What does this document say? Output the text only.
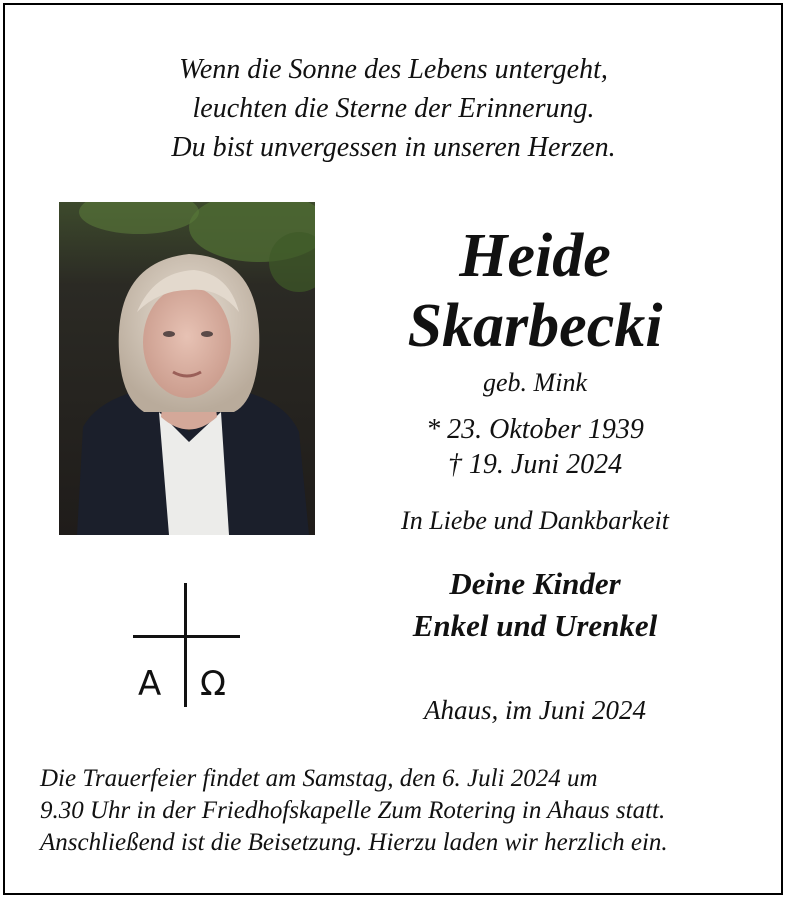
Wenn die Sonne des Lebens untergeht,
leuchten die Sterne der Erinnerung.
Du bist unvergessen in unseren Herzen.
Heide
Skarbecki
geb. Mink
* 23. Oktober 1939
† 19. Juni 2024
In Liebe und Dankbarkeit
Deine Kinder
Enkel und Urenkel
A Ω
Ahaus, im Juni 2024
Die Trauerfeier findet am Samstag, den 6. Juli 2024 um
9.30 Uhr in der Friedhofskapelle Zum Rotering in Ahaus statt.
Anschließend ist die Beisetzung. Hierzu laden wir herzlich ein.
